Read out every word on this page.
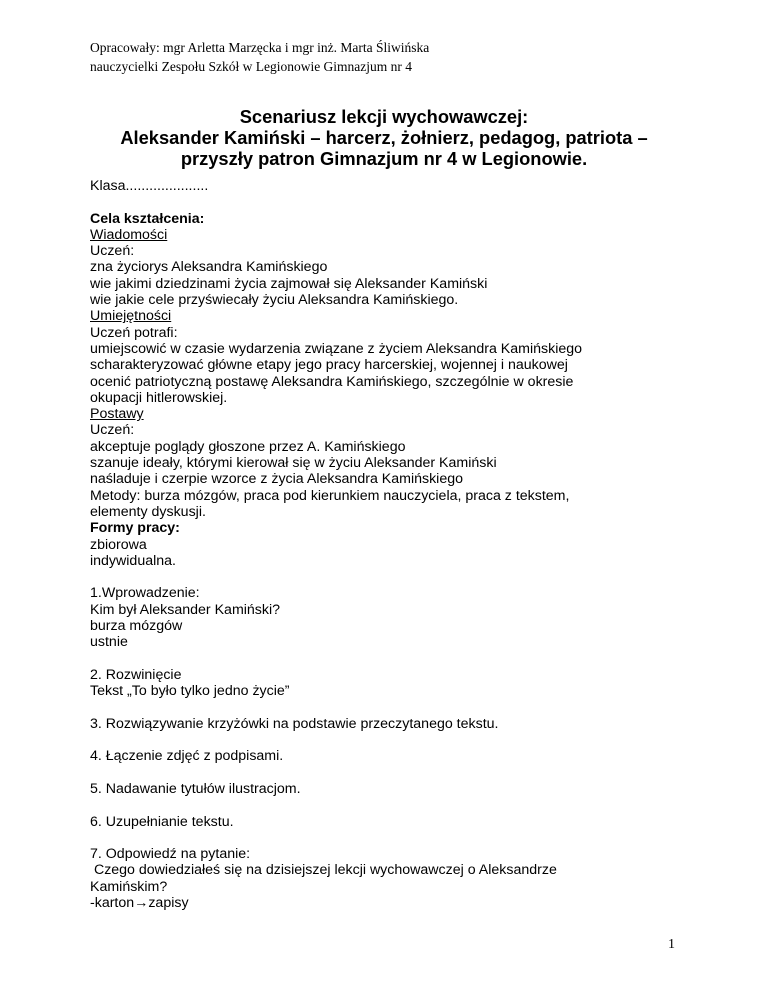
Opracowały: mgr Arletta Marzęcka i mgr inż. Marta Śliwińska
nauczycielki Zespołu Szkół w Legionowie Gimnazjum nr 4
Scenariusz lekcji wychowawczej:
Aleksander Kamiński – harcerz, żołnierz, pedagog, patriota –
przyszły patron Gimnazjum nr 4 w Legionowie.
Klasa.....................
Cela kształcenia:
Wiadomości
Uczeń:
zna życiorys Aleksandra Kamińskiego
wie jakimi dziedzinami życia zajmował się Aleksander Kamiński
wie jakie cele przyświecały życiu Aleksandra Kamińskiego.
Umiejętności
Uczeń potrafi:
umiejscowić w czasie wydarzenia związane z życiem Aleksandra Kamińskiego
scharakteryzować główne etapy jego pracy harcerskiej, wojennej i naukowej
ocenić patriotyczną postawę Aleksandra Kamińskiego, szczególnie w okresie
okupacji hitlerowskiej.
Postawy
Uczeń:
akceptuje poglądy głoszone przez A. Kamińskiego
szanuje ideały, którymi kierował się w życiu Aleksander Kamiński
naśladuje i czerpie wzorce z życia Aleksandra Kamińskiego
Metody: burza mózgów, praca pod kierunkiem nauczyciela, praca z tekstem,
elementy dyskusji.
Formy pracy:
zbiorowa
indywidualna.
1.Wprowadzenie:
Kim był Aleksander Kamiński?
burza mózgów
ustnie
2. Rozwinięcie
Tekst „To było tylko jedno życie”
3. Rozwiązywanie krzyżówki na podstawie przeczytanego tekstu.
4. Łączenie zdjęć z podpisami.
5. Nadawanie tytułów ilustracjom.
6. Uzupełnianie tekstu.
7. Odpowiedź na pytanie:
Czego dowiedziałeś się na dzisiejszej lekcji wychowawczej o Aleksandrze
Kamińskim?
-karton→zapisy
1
